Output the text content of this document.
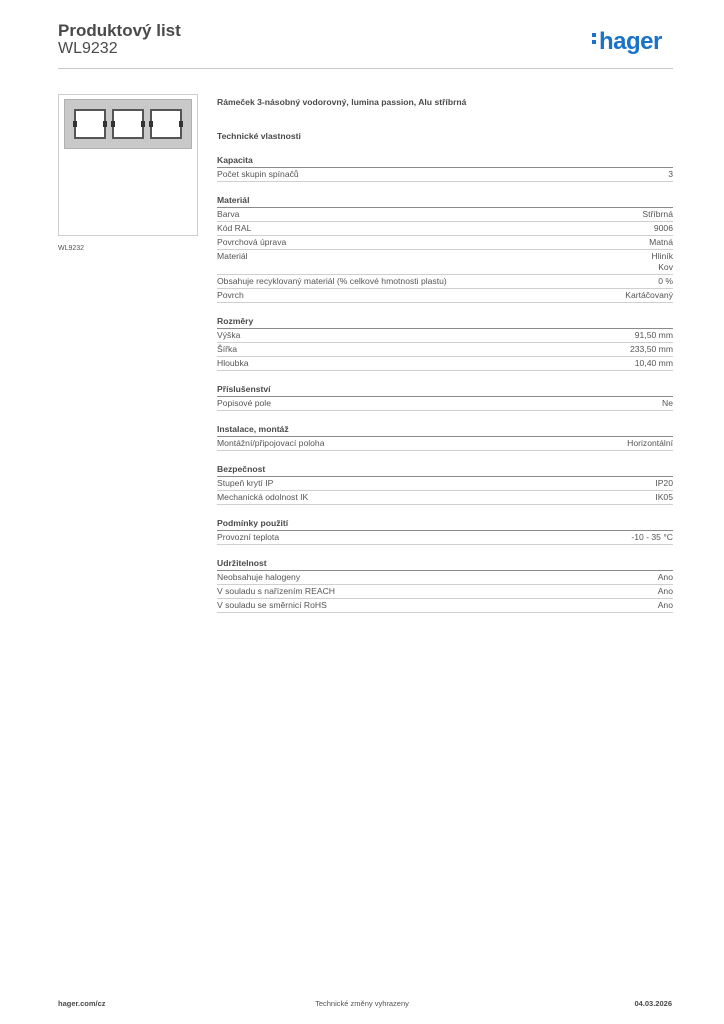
Produktový list
WL9232	hager
WL9232
Rámeček 3-násobný vodorovný, lumina passion, Alu stříbrná
Technické vlastnosti
Kapacita
Počet skupin spínačů	3
Materiál
Barva	Stříbrná
Kód RAL	9006
Povrchová úprava	Matná
Materiál	Hliník
Kov
Obsahuje recyklovaný materiál (% celkové hmotnosti plastu)	0 %
Povrch	Kartáčovaný
Rozměry
Výška	91,50 mm
Šířka	233,50 mm
Hloubka	10,40 mm
Příslušenství
Popisové pole	Ne
Instalace, montáž
Montážní/připojovací poloha	Horizontální
Bezpečnost
Stupeň krytí IP	IP20
Mechanická odolnost IK	IK05
Podmínky použití
Provozní teplota	-10 - 35 °C
Udržitelnost
Neobsahuje halogeny	Ano
V souladu s nařízením REACH	Ano
V souladu se směrnicí RoHS	Ano
hager.com/cz	Technické změny vyhrazeny	04.03.2026
